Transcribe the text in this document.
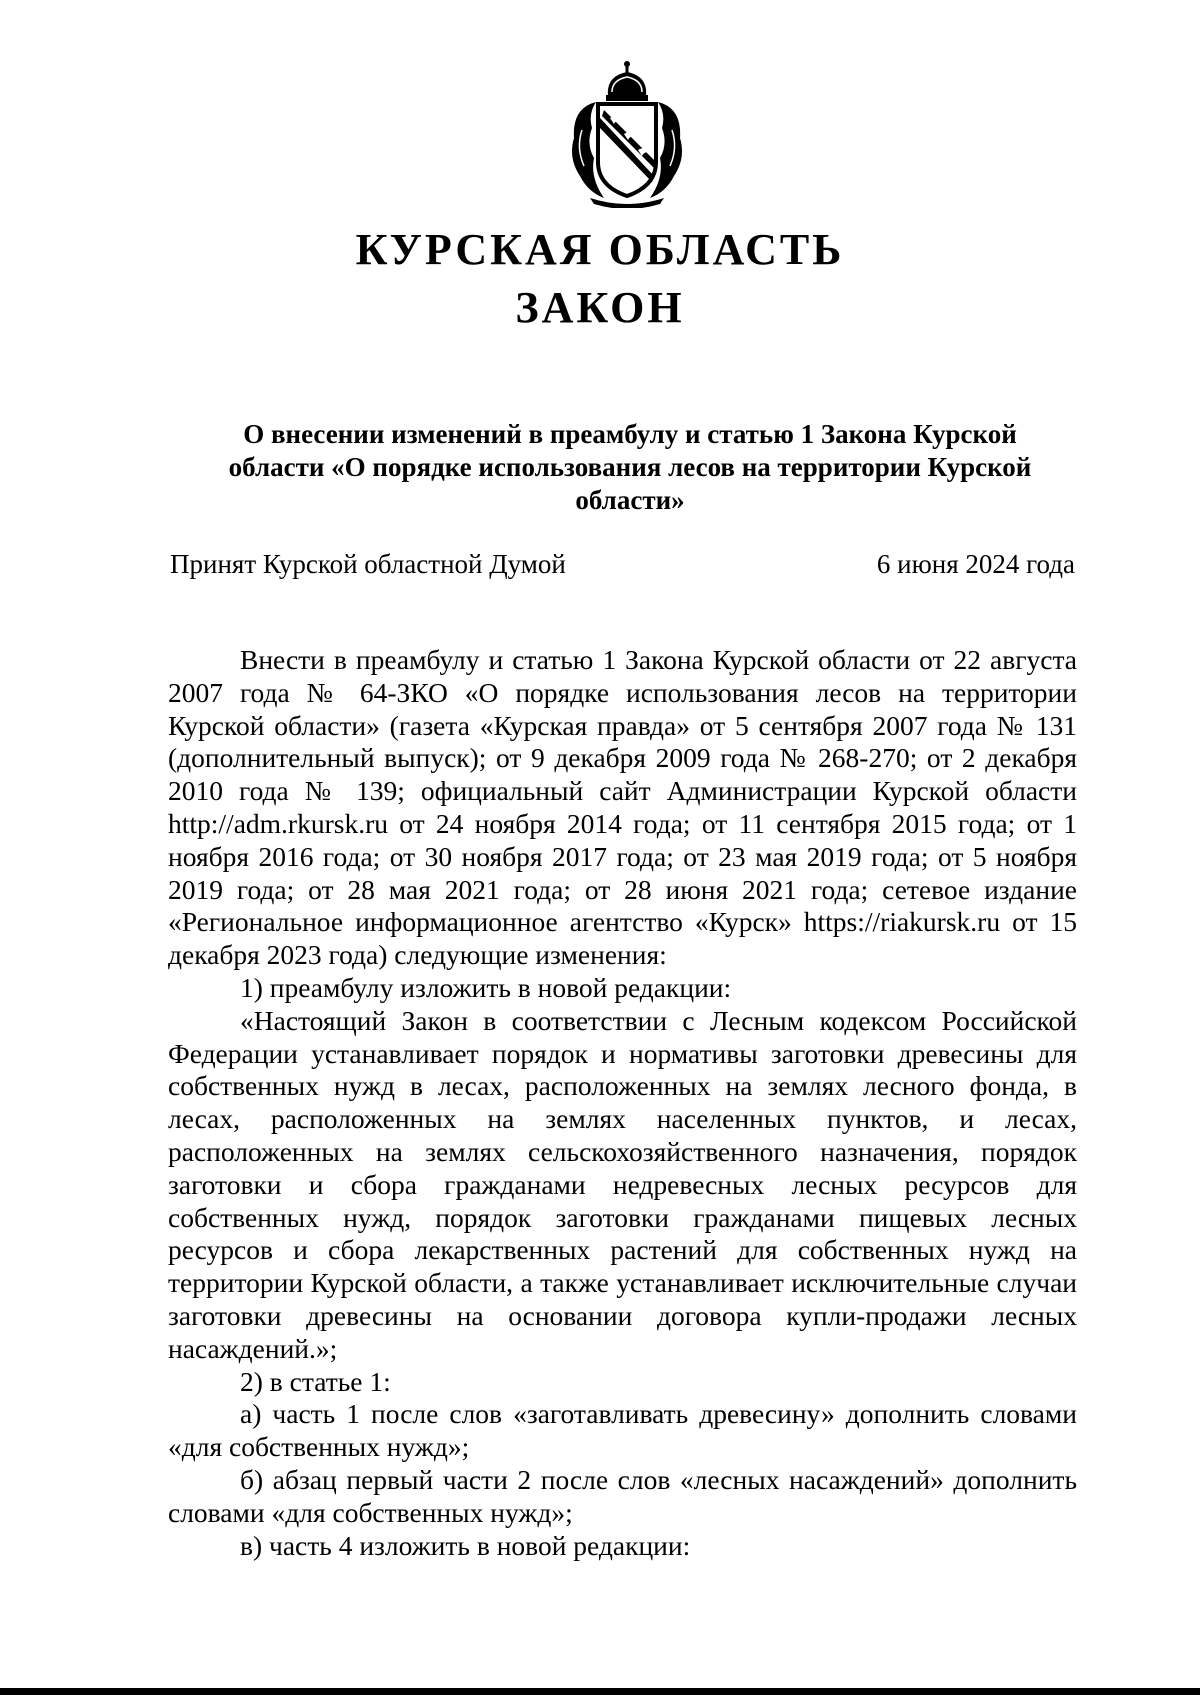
КУРСКАЯ ОБЛАСТЬ
ЗАКОН
О внесении изменений в преамбулу и статью 1 Закона Курской области «О порядке использования лесов на территории Курской области»
Принят Курской областной Думой	6 июня 2024 года

Внести в преамбулу и статью 1 Закона Курской области от 22 августа 2007 года № 64-ЗКО «О порядке использования лесов на территории Курской области» (газета «Курская правда» от 5 сентября 2007 года № 131 (дополнительный выпуск); от 9 декабря 2009 года № 268-270; от 2 декабря 2010 года № 139; официальный сайт Администрации Курской области http://adm.rkursk.ru от 24 ноября 2014 года; от 11 сентября 2015 года; от 1 ноября 2016 года; от 30 ноября 2017 года; от 23 мая 2019 года; от 5 ноября 2019 года; от 28 мая 2021 года; от 28 июня 2021 года; сетевое издание «Региональное информационное агентство «Курск» https://riakursk.ru от 15 декабря 2023 года) следующие изменения:

1) преамбулу изложить в новой редакции:

«Настоящий Закон в соответствии с Лесным кодексом Российской Федерации устанавливает порядок и нормативы заготовки древесины для собственных нужд в лесах, расположенных на землях лесного фонда, в лесах, расположенных на землях населенных пунктов, и лесах, расположенных на землях сельскохозяйственного назначения, порядок заготовки и сбора гражданами недревесных лесных ресурсов для собственных нужд, порядок заготовки гражданами пищевых лесных ресурсов и сбора лекарственных растений для собственных нужд на территории Курской области, а также устанавливает исключительные случаи заготовки древесины на основании договора купли-продажи лесных насаждений.»;

2) в статье 1:

а) часть 1 после слов «заготавливать древесину» дополнить словами «для собственных нужд»;

б) абзац первый части 2 после слов «лесных насаждений» дополнить словами «для собственных нужд»;

в) часть 4 изложить в новой редакции:
